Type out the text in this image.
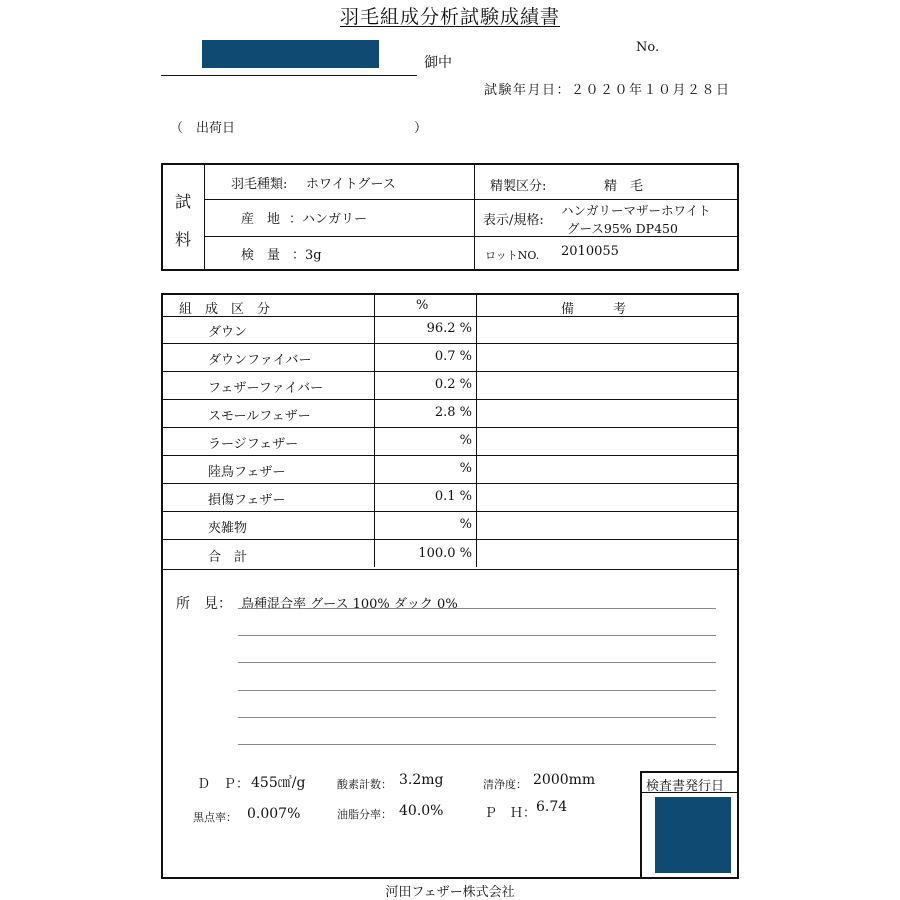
羽毛組成分析試験成績書
御中
No.
試験年月日：２０２０年１０月２８日
（　出荷日	）
試
料
羽毛種類: ホワイトグース	精製区分:	精　毛
産　地 ：ハンガリー	表示/規格:
ハンガリーマザーホワイト
グース95% DP450
検　量 ：3g	ロットNO. 2010055
組　成　区　分	%	備　　　考
ダウン	96.2 %
ダウンファイバー	0.7 %
フェザーファイバー	0.2 %
スモールフェザー	2.8 %
ラージフェザー	%
陸鳥フェザー	%
損傷フェザー	0.1 %
夾雑物	%
合　計	100.0 %
所　見： 鳥種混合率 グース 100% ダック 0%
Ｄ　Ｐ： 455㎤/g	酸素計数： 3.2mg	清浄度： 2000mm
黒点率： 0.007%	油脂分率： 40.0%	Ｐ　Ｈ： 6.74
検査書発行日
河田フェザー株式会社
